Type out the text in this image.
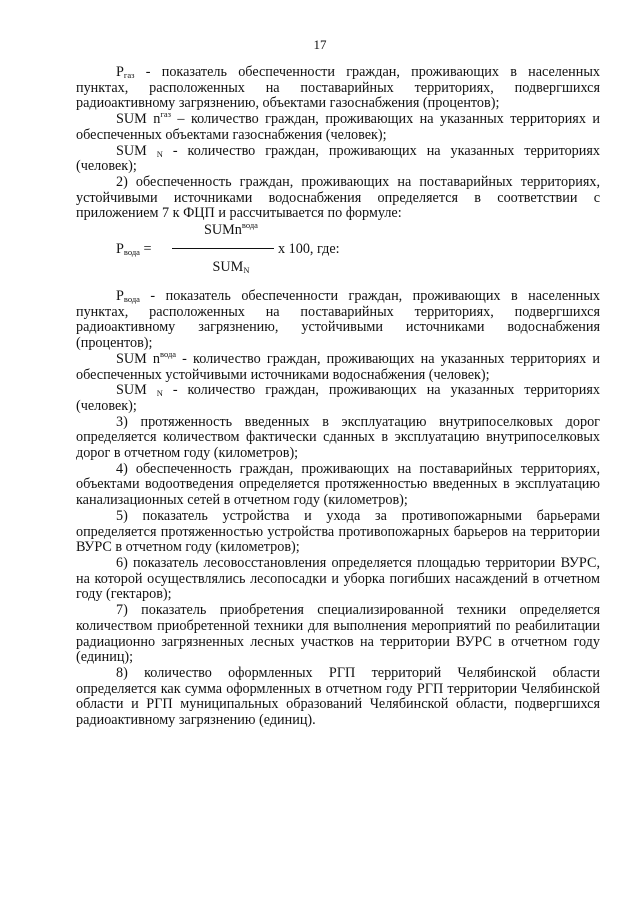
17

$P_{газ}$ - показатель обеспеченности граждан, проживающих в населенных пунктах, расположенных на поставарийных территориях, подвергшихся радиоактивному загрязнению, объектами газоснабжения (процентов);

SUM $n^{газ}$ – количество граждан, проживающих на указанных территориях и обеспеченных объектами газоснабжения (человек);

SUM $_N$ - количество граждан, проживающих на указанных территориях (человек);

2) обеспеченность граждан, проживающих на поставарийных территориях, устойчивыми источниками водоснабжения определяется в соответствии с приложением 7 к ФЦП и рассчитывается по формуле:

$P_{вода}$ =
SUMn$^{вода}$
x 100, где:
$SUM_N$

$P_{вода}$ - показатель обеспеченности граждан, проживающих в населенных пунктах, расположенных на поставарийных территориях, подвергшихся радиоактивному загрязнению, устойчивыми источниками водоснабжения (процентов);

SUM $n^{вода}$ - количество граждан, проживающих на указанных территориях и обеспеченных устойчивыми источниками водоснабжения (человек);

SUM $_N$ - количество граждан, проживающих на указанных территориях (человек);

3) протяженность введенных в эксплуатацию внутрипоселковых дорог определяется количеством фактически сданных в эксплуатацию внутрипоселковых дорог в отчетном году (километров);

4) обеспеченность граждан, проживающих на поставарийных территориях, объектами водоотведения определяется протяженностью введенных в эксплуатацию канализационных сетей в отчетном году (километров);

5) показатель устройства и ухода за противопожарными барьерами определяется протяженностью устройства противопожарных барьеров на территории ВУРС в отчетном году (километров);

6) показатель лесовосстановления определяется площадью территории ВУРС, на которой осуществлялись лесопосадки и уборка погибших насаждений в отчетном году (гектаров);

7) показатель приобретения специализированной техники определяется количеством приобретенной техники для выполнения мероприятий по реабилитации радиационно загрязненных лесных участков на территории ВУРС в отчетном году (единиц);

8) количество оформленных РГП территорий Челябинской области определяется как сумма оформленных в отчетном году РГП территории Челябинской области и РГП муниципальных образований Челябинской области, подвергшихся радиоактивному загрязнению (единиц).
